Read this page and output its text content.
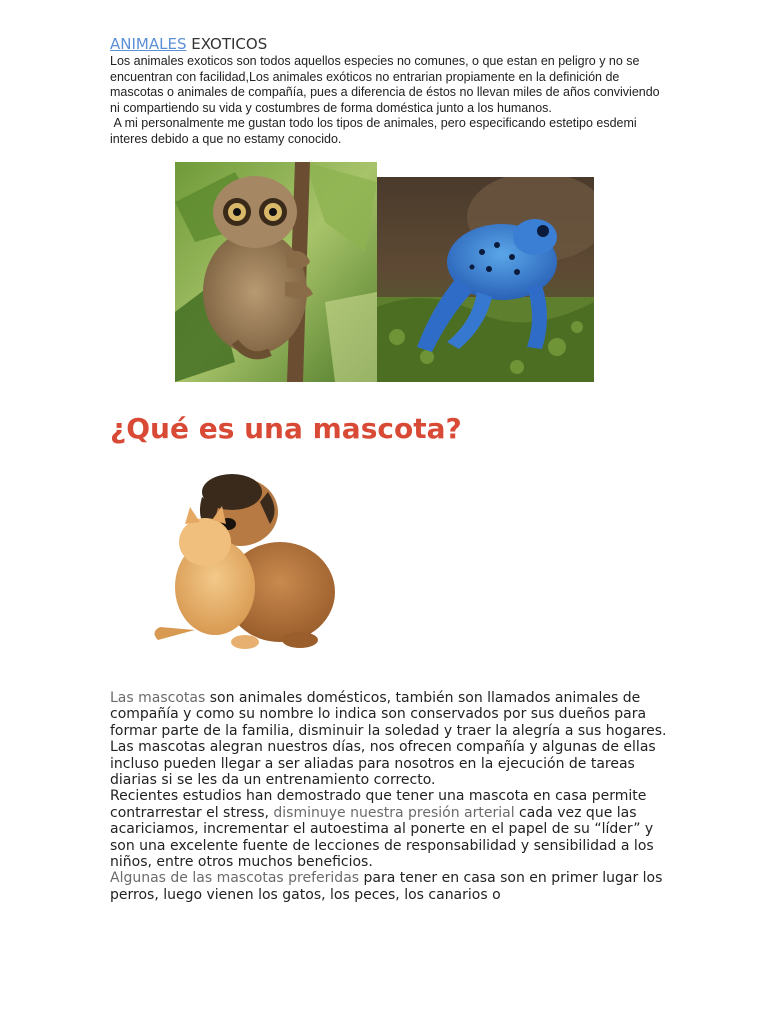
ANIMALES EXOTICOS

Los animales exoticos son todos aquellos especies no comunes, o que estan en peligro y no se encuentran con facilidad,Los animales exóticos no entrarian propiamente en la definición de mascotas o animales de compañía, pues a diferencia de éstos no llevan miles de años conviviendo ni compartiendo su vida y costumbres de forma doméstica junto a los humanos.

A mi personalmente me gustan todo los tipos de animales, pero especificando estetipo esdemi interes debido a que no estamy conocido.

¿Qué es una mascota?

Las mascotas son animales domésticos, también son llamados animales de compañía y como su nombre lo indica son conservados por sus dueños para formar parte de la familia, disminuir la soledad y traer la alegría a sus hogares. Las mascotas alegran nuestros días, nos ofrecen compañía y algunas de ellas incluso pueden llegar a ser aliadas para nosotros en la ejecución de tareas diarias si se les da un entrenamiento correcto.

Recientes estudios han demostrado que tener una mascota en casa permite contrarrestar el stress, disminuye nuestra presión arterial cada vez que las acariciamos, incrementar el autoestima al ponerte en el papel de su “líder” y son una excelente fuente de lecciones de responsabilidad y sensibilidad a los niños, entre otros muchos beneficios.

Algunas de las mascotas preferidas para tener en casa son en primer lugar los perros, luego vienen los gatos, los peces, los canarios o
